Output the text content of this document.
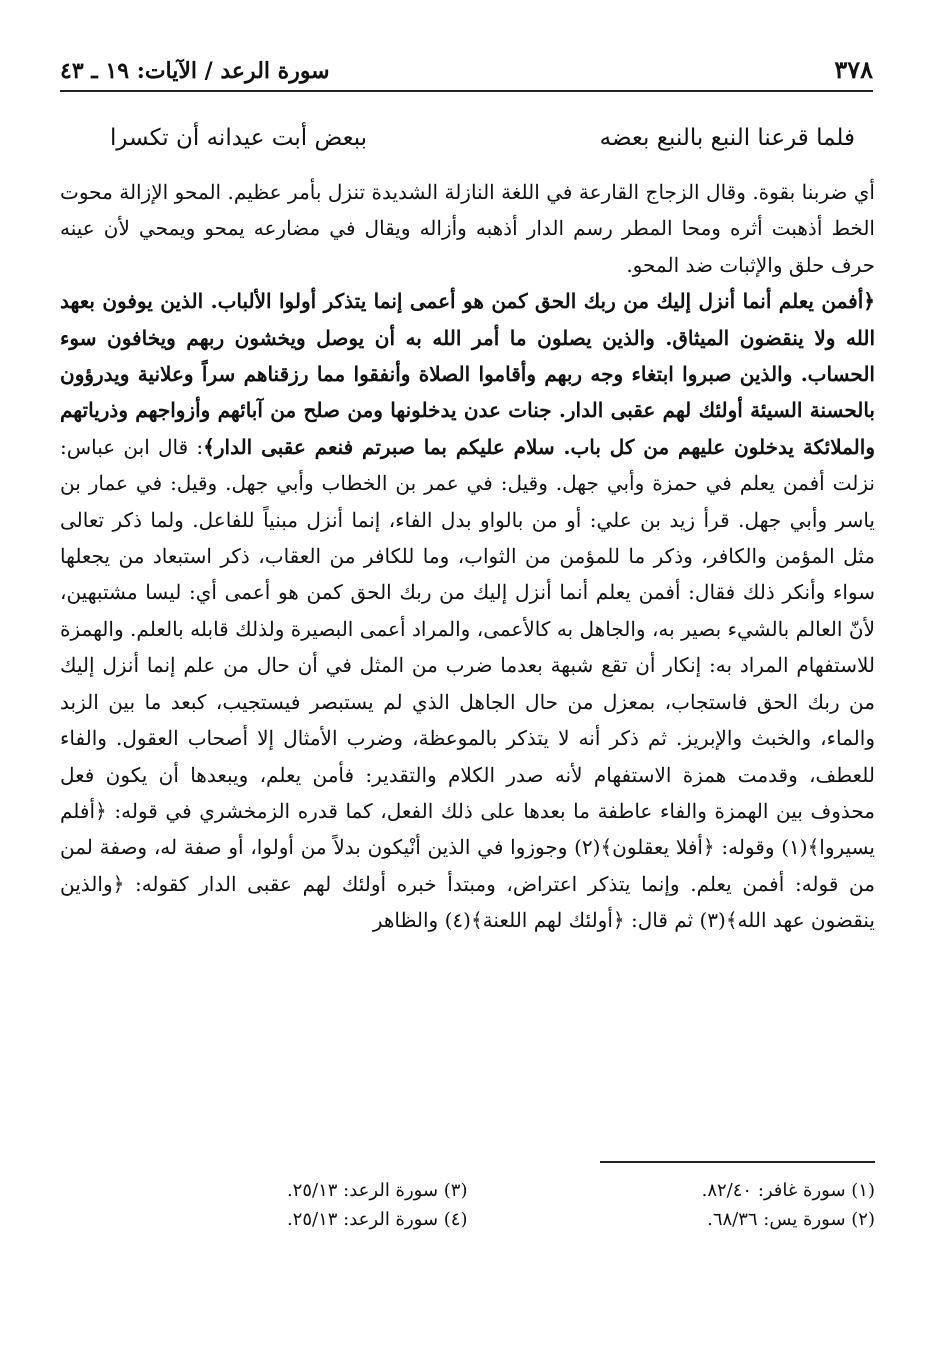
٣٧٨
سورة الرعد / الآيات: ١٩ ـ ٤٣
فلما قرعنا النبع بالنبع بعضه
ببعض أبت عيدانه أن تكسرا

أي ضربنا بقوة. وقال الزجاج القارعة في اللغة النازلة الشديدة تنزل بأمر عظيم. المحو الإزالة محوت الخط أذهبت أثره ومحا المطر رسم الدار أذهبه وأزاله ويقال في مضارعه يمحو ويمحي لأن عينه حرف حلق والإثبات ضد المحو.

﴿أفمن يعلم أنما أنزل إليك من ربك الحق كمن هو أعمى إنما يتذكر أولوا الألباب. الذين يوفون بعهد الله ولا ينقضون الميثاق. والذين يصلون ما أمر الله به أن يوصل ويخشون ربهم ويخافون سوء الحساب. والذين صبروا ابتغاء وجه ربهم وأقاموا الصلاة وأنفقوا مما رزقناهم سراً وعلانية ويدرؤون بالحسنة السيئة أولئك لهم عقبى الدار. جنات عدن يدخلونها ومن صلح من آبائهم وأزواجهم وذرياتهم والملائكة يدخلون عليهم من كل باب. سلام عليكم بما صبرتم فنعم عقبى الدار﴾: قال ابن عباس: نزلت أفمن يعلم في حمزة وأبي جهل. وقيل: في عمر بن الخطاب وأبي جهل. وقيل: في عمار بن ياسر وأبي جهل. قرأ زيد بن علي: أو من بالواو بدل الفاء، إنما أنزل مبنياً للفاعل. ولما ذكر تعالى مثل المؤمن والكافر، وذكر ما للمؤمن من الثواب، وما للكافر من العقاب، ذكر استبعاد من يجعلها سواء وأنكر ذلك فقال: أفمن يعلم أنما أنزل إليك من ربك الحق كمن هو أعمى أي: ليسا مشتبهين، لأنّ العالم بالشيء بصير به، والجاهل به كالأعمى، والمراد أعمى البصيرة ولذلك قابله بالعلم. والهمزة للاستفهام المراد به: إنكار أن تقع شبهة بعدما ضرب من المثل في أن حال من علم إنما أنزل إليك من ربك الحق فاستجاب، بمعزل من حال الجاهل الذي لم يستبصر فيستجيب، كبعد ما بين الزبد والماء، والخبث والإبريز. ثم ذكر أنه لا يتذكر بالموعظة، وضرب الأمثال إلا أصحاب العقول. والفاء للعطف، وقدمت همزة الاستفهام لأنه صدر الكلام والتقدير: فأمن يعلم، ويبعدها أن يكون فعل محذوف بين الهمزة والفاء عاطفة ما بعدها على ذلك الفعل، كما قدره الزمخشري في قوله: ﴿أفلم يسيروا﴾(١) وقوله: ﴿أفلا يعقلون﴾(٢) وجوزوا في الذين أنْيكون بدلاً من أولوا، أو صفة له، وصفة لمن من قوله: أفمن يعلم. وإنما يتذكر اعتراض، ومبتدأ خبره أولئك لهم عقبى الدار كقوله: ﴿والذين ينقضون عهد الله﴾(٣) ثم قال: ﴿أولئك لهم اللعنة﴾(٤) والظاهر

(١) سورة غافر: ٨٢/٤٠.
(٣) سورة الرعد: ٢٥/١٣.
(٢) سورة يس: ٦٨/٣٦.
(٤) سورة الرعد: ٢٥/١٣.
